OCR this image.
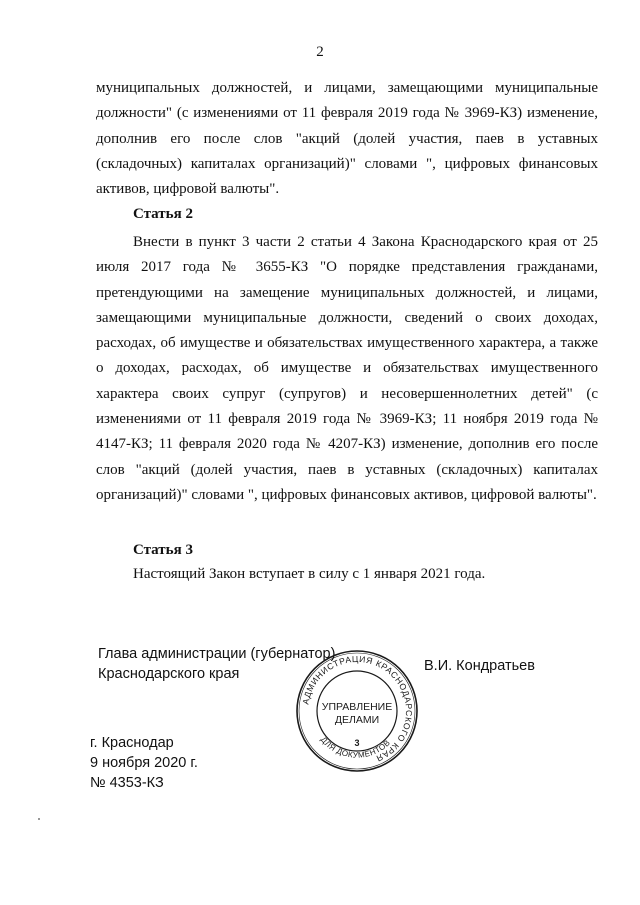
2

муниципальных должностей, и лицами, замещающими муниципальные должности" (с изменениями от 11 февраля 2019 года № 3969-КЗ) изменение, дополнив его после слов "акций (долей участия, паев в уставных (складочных) капиталах организаций)" словами ", цифровых финансовых активов, цифровой валюты".

Статья 2

Внести в пункт 3 части 2 статьи 4 Закона Краснодарского края от 25 июля 2017 года № 3655-КЗ "О порядке представления гражданами, претендующими на замещение муниципальных должностей, и лицами, замещающими муниципальные должности, сведений о своих доходах, расходах, об имуществе и обязательствах имущественного характера, а также о доходах, расходах, об имуществе и обязательствах имущественного характера своих супруг (супругов) и несовершеннолетних детей" (с изменениями от 11 февраля 2019 года № 3969-КЗ; 11 ноября 2019 года № 4147-КЗ; 11 февраля 2020 года № 4207-КЗ) изменение, дополнив его после слов "акций (долей участия, паев в уставных (складочных) капиталах организаций)" словами ", цифровых финансовых активов, цифровой валюты".

Статья 3
Настоящий Закон вступает в силу с 1 января 2021 года.
Глава администрации (губернатор)
Краснодарского края	В.И. Кондратьев
АДМИНИСТРАЦИЯ КРАСНОДАРСКОГО КРАЯ
ДЛЯ ДОКУМЕНТОВ
УПРАВЛЕНИЕ
ДЕЛАМИ
3
г. Краснодар
9 ноября 2020 г.
№ 4353-КЗ
